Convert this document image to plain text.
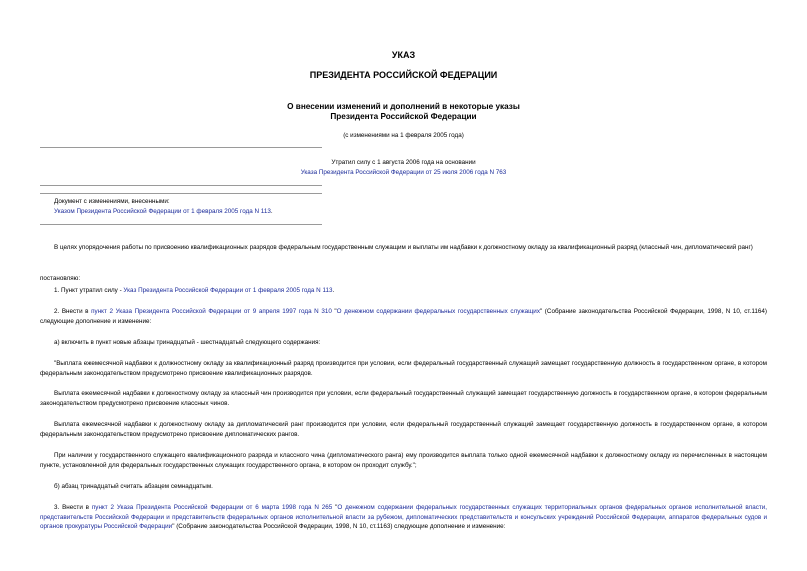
УКАЗ
ПРЕЗИДЕНТА РОССИЙСКОЙ ФЕДЕРАЦИИ
О внесении изменений и дополнений в некоторые указы
Президента Российской Федерации
(с изменениями на 1 февраля 2005 года)
Утратил силу с 1 августа 2006 года на основании
Указа Президента Российской Федерации от 25 июля 2006 года N 763
Документ с изменениями, внесенными:
Указом Президента Российской Федерации от 1 февраля 2005 года N 113.
В целях упорядочения работы по присвоению квалификационных разрядов федеральным государственным служащим и выплаты им надбавки к должностному окладу за квалификационный разряд (классный чин, дипломатический ранг)
постановляю:
1. Пункт утратил силу - Указ Президента Российской Федерации от 1 февраля 2005 года N 113.
2. Внести в пункт 2 Указа Президента Российской Федерации от 9 апреля 1997 года N 310 "О денежном содержании федеральных государственных служащих" (Собрание законодательства Российской Федерации, 1998, N 10, ст.1164) следующие дополнение и изменение:
а) включить в пункт новые абзацы тринадцатый - шестнадцатый следующего содержания:
"Выплата ежемесячной надбавки к должностному окладу за квалификационный разряд производится при условии, если федеральный государственный служащий замещает государственную должность в государственном органе, в котором федеральным законодательством предусмотрено присвоение квалификационных разрядов.
Выплата ежемесячной надбавки к должностному окладу за классный чин производится при условии, если федеральный государственный служащий замещает государственную должность в государственном органе, в котором федеральным законодательством предусмотрено присвоение классных чинов.
Выплата ежемесячной надбавки к должностному окладу за дипломатический ранг производится при условии, если федеральный государственный служащий замещает государственную должность в государственном органе, в котором федеральным законодательством предусмотрено присвоение дипломатических рангов.
При наличии у государственного служащего квалификационного разряда и классного чина (дипломатического ранга) ему производится выплата только одной ежемесячной надбавки к должностному окладу из перечисленных в настоящем пункте, установленной для федеральных государственных служащих государственного органа, в котором он проходит службу.";
б) абзац тринадцатый считать абзацем семнадцатым.
3. Внести в пункт 2 Указа Президента Российской Федерации от 6 марта 1998 года N 265 "О денежном содержании федеральных государственных служащих территориальных органов федеральных органов исполнительной власти, представительств Российской Федерации и представительств федеральных органов исполнительной власти за рубежом, дипломатических представительств и консульских учреждений Российской Федерации, аппаратов федеральных судов и органов прокуратуры Российской Федерации" (Собрание законодательства Российской Федерации, 1998, N 10, ст.1163) следующие дополнение и изменение:
